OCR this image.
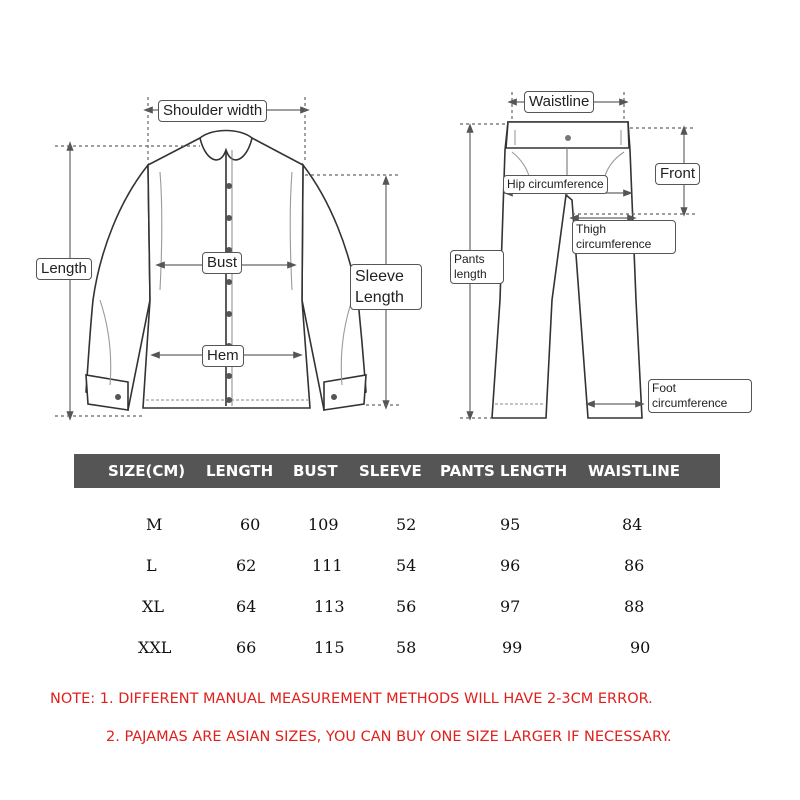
Shoulder width
Length	Bust
Hem
Sleeve Length
Waistline
Front
Hip circumference
Thigh circumference
Pants length
Foot circumference
SIZE(CM) LENGTH BUST SLEEVE PANTS LENGTH WAISTLINE
M	60	109	52	95	84
L	62	111	54	96	86
XL	64	113	56	97	88
XXL	66	115	58	99	90
NOTE: 1. DIFFERENT MANUAL MEASUREMENT METHODS WILL HAVE 2-3CM ERROR.
2. PAJAMAS ARE ASIAN SIZES, YOU CAN BUY ONE SIZE LARGER IF NECESSARY.
